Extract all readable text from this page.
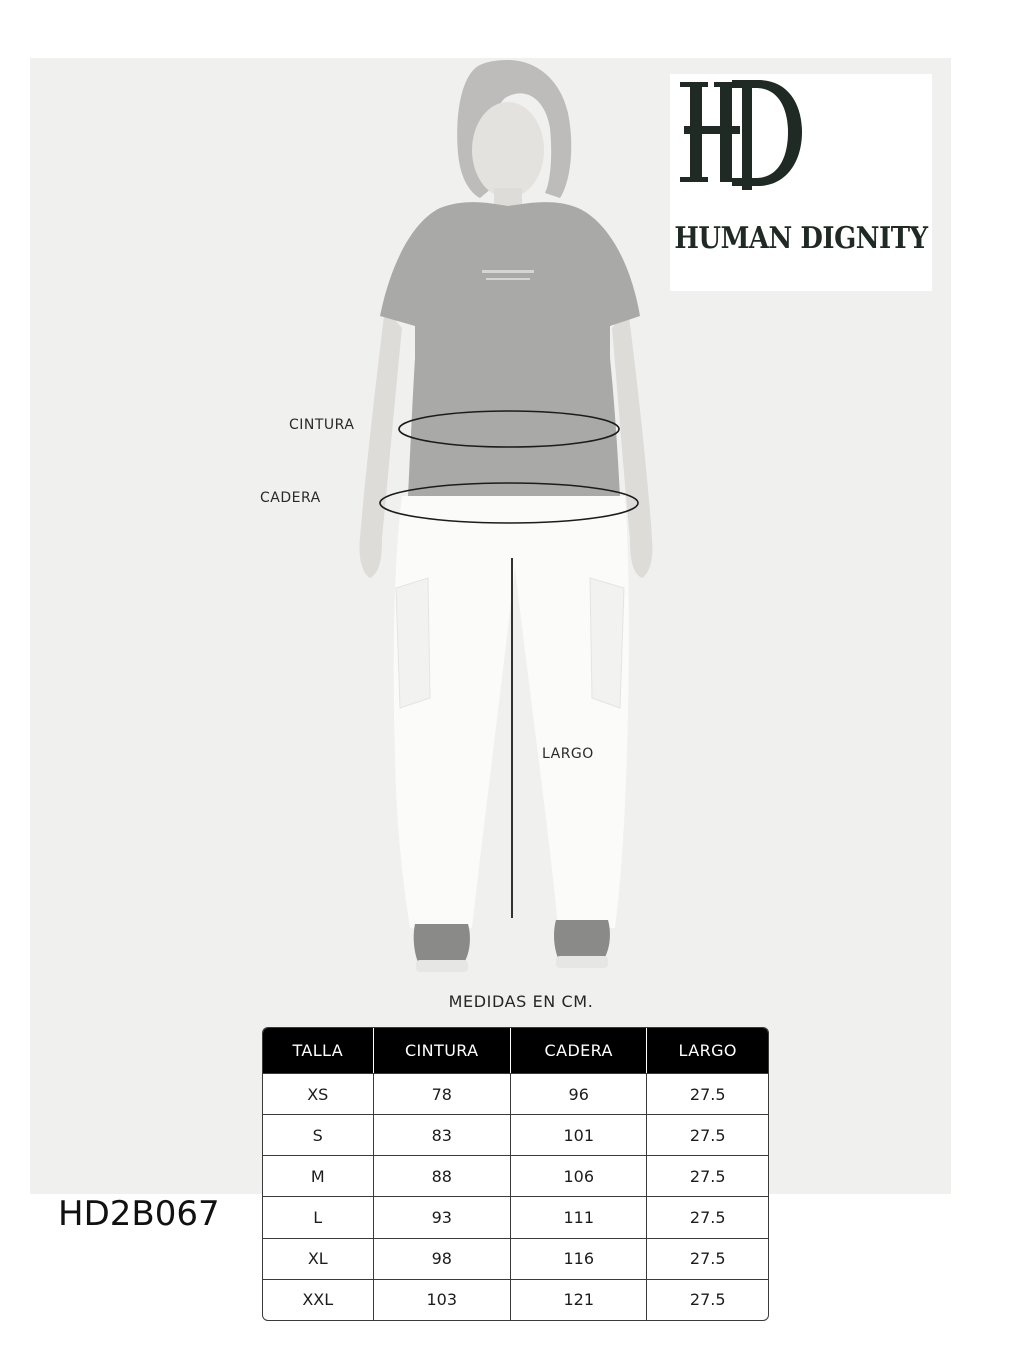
HUMAN DIGNITY
CINTURA
CADERA
LARGO
MEDIDAS EN CM.
TALLA	CINTURA	CADERA	LARGO
XS	78	96	27.5
S	83	101	27.5
M	88	106	27.5
L	93	111	27.5
XL	98	116	27.5
XXL	103	121	27.5
HD2B067
